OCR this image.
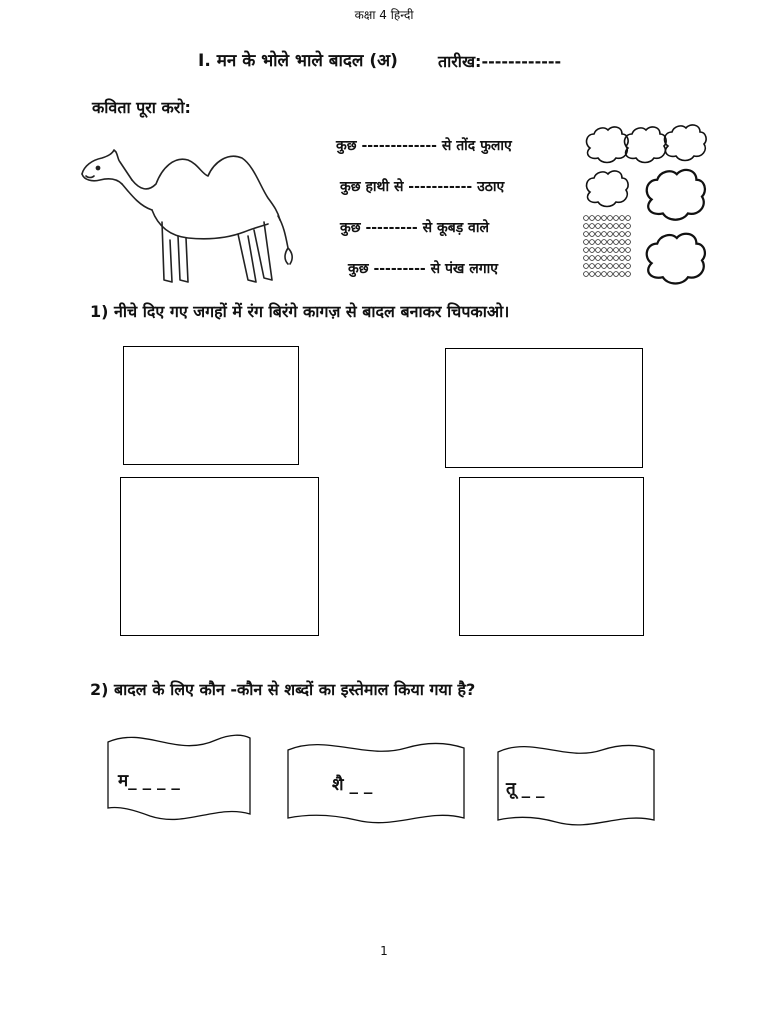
कक्षा 4 हिन्दी
I. मन के भोले भाले बादल (अ)	तारीख:------------
कविता पूरा करो:
कुछ ------------- से तोंद फुलाए
कुछ हाथी से ----------- उठाए
कुछ --------- से कूबड़ वाले
कुछ --------- से पंख लगाए
1) नीचे दिए गए जगहों में रंग बिरंगे कागज़ से बादल बनाकर चिपकाओ।
2) बादल के लिए कौन -कौन से शब्दों का इस्तेमाल किया गया है?
म_ _ _ _	शै _ _	तू _ _
1
